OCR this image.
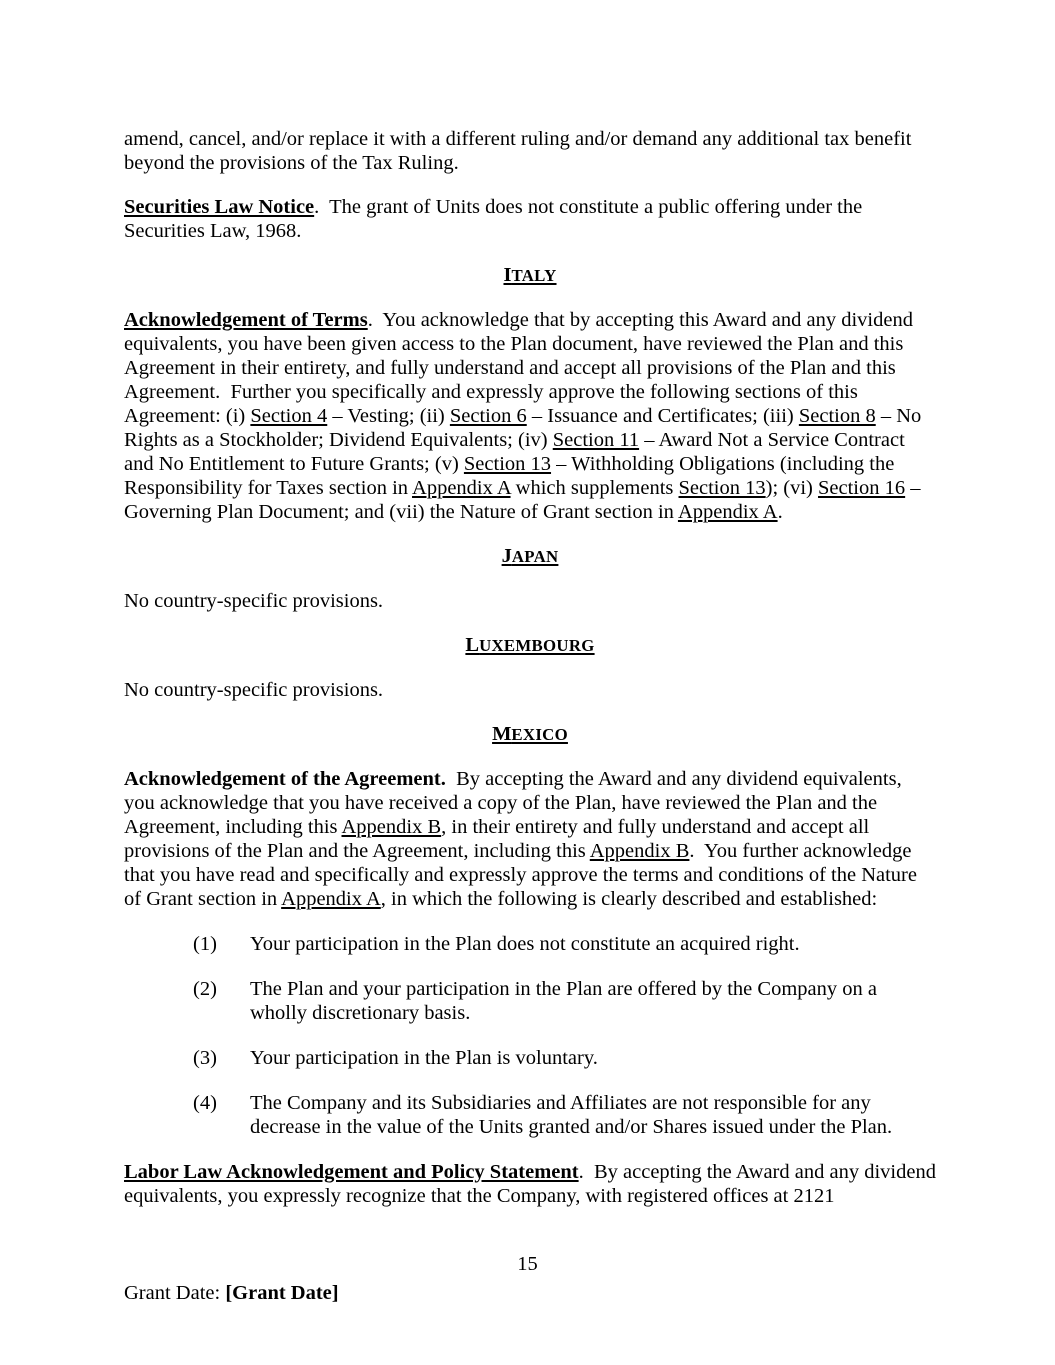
amend, cancel, and/or replace it with a different ruling and/or demand any additional tax benefit beyond the provisions of the Tax Ruling.
Securities Law Notice.  The grant of Units does not constitute a public offering under the Securities Law, 1968.
ITALY
Acknowledgement of Terms.  You acknowledge that by accepting this Award and any dividend equivalents, you have been given access to the Plan document, have reviewed the Plan and this Agreement in their entirety, and fully understand and accept all provisions of the Plan and this Agreement.  Further you specifically and expressly approve the following sections of this Agreement: (i) Section 4 – Vesting; (ii) Section 6 – Issuance and Certificates; (iii) Section 8 – No Rights as a Stockholder; Dividend Equivalents; (iv) Section 11 – Award Not a Service Contract and No Entitlement to Future Grants; (v) Section 13 – Withholding Obligations (including the Responsibility for Taxes section in Appendix A which supplements Section 13); (vi) Section 16 – Governing Plan Document; and (vii) the Nature of Grant section in Appendix A.
JAPAN
No country-specific provisions.
LUXEMBOURG
No country-specific provisions.
MEXICO
Acknowledgement of the Agreement.  By accepting the Award and any dividend equivalents, you acknowledge that you have received a copy of the Plan, have reviewed the Plan and the Agreement, including this Appendix B, in their entirety and fully understand and accept all provisions of the Plan and the Agreement, including this Appendix B.  You further acknowledge that you have read and specifically and expressly approve the terms and conditions of the Nature of Grant section in Appendix A, in which the following is clearly described and established:
(1)	Your participation in the Plan does not constitute an acquired right.
(2)	The Plan and your participation in the Plan are offered by the Company on a wholly discretionary basis.
(3)	Your participation in the Plan is voluntary.
(4)	The Company and its Subsidiaries and Affiliates are not responsible for any decrease in the value of the Units granted and/or Shares issued under the Plan.
Labor Law Acknowledgement and Policy Statement.  By accepting the Award and any dividend equivalents, you expressly recognize that the Company, with registered offices at 2121
15
Grant Date: [Grant Date]
